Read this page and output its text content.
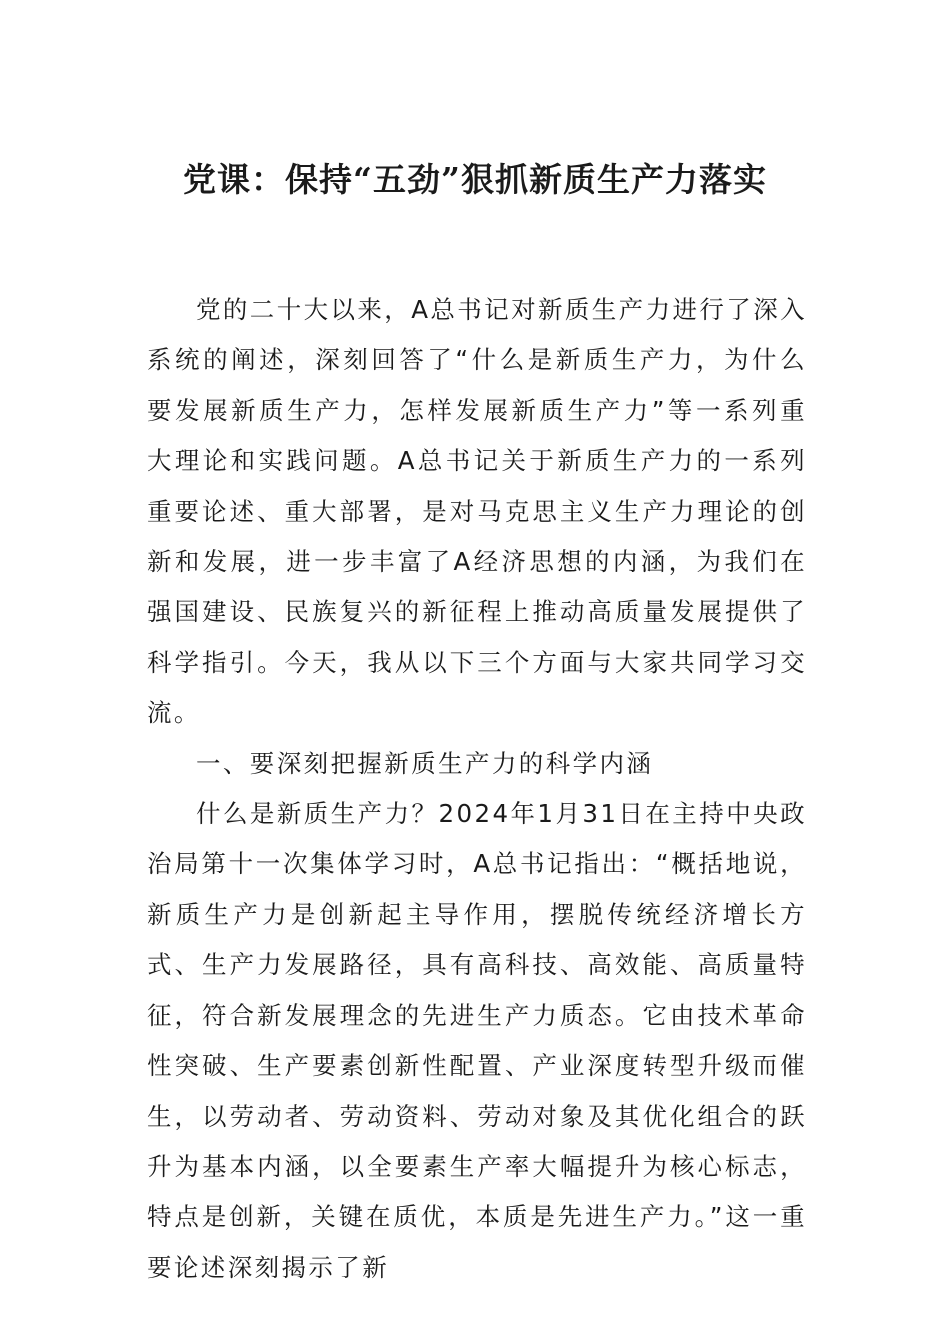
党课：保持“五劲”狠抓新质生产力落实

党的二十大以来，A总书记对新质生产力进行了深入系统的阐述，深刻回答了“什么是新质生产力，为什么要发展新质生产力，怎样发展新质生产力”等一系列重大理论和实践问题。A总书记关于新质生产力的一系列重要论述、重大部署，是对马克思主义生产力理论的创新和发展，进一步丰富了A经济思想的内涵，为我们在强国建设、民族复兴的新征程上推动高质量发展提供了科学指引。今天，我从以下三个方面与大家共同学习交流。

一、要深刻把握新质生产力的科学内涵

什么是新质生产力？2024年1月31日在主持中央政治局第十一次集体学习时，A总书记指出：“概括地说，新质生产力是创新起主导作用，摆脱传统经济增长方式、生产力发展路径，具有高科技、高效能、高质量特征，符合新发展理念的先进生产力质态。它由技术革命性突破、生产要素创新性配置、产业深度转型升级而催生，以劳动者、劳动资料、劳动对象及其优化组合的跃升为基本内涵，以全要素生产率大幅提升为核心标志，特点是创新，关键在质优，本质是先进生产力。”这一重要论述深刻揭示了新
